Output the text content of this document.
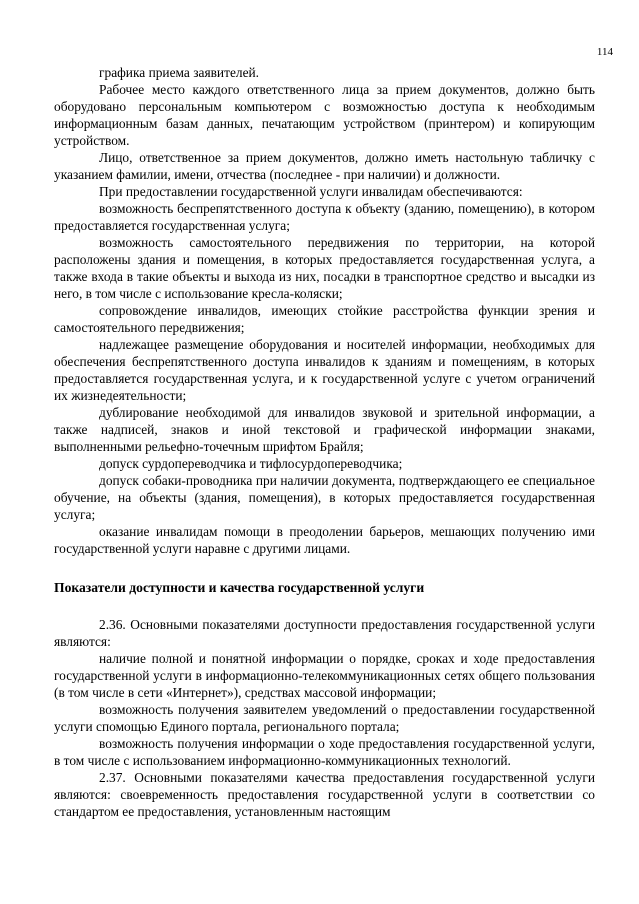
114

графика приема заявителей.

Рабочее место каждого ответственного лица за прием документов, должно быть оборудовано персональным компьютером с возможностью доступа к необходимым информационным базам данных, печатающим устройством (принтером) и копирующим устройством.

Лицо, ответственное за прием документов, должно иметь настольную табличку с указанием фамилии, имени, отчества (последнее - при наличии) и должности.

При предоставлении государственной услуги инвалидам обеспечиваются:

возможность беспрепятственного доступа к объекту (зданию, помещению), в котором предоставляется государственная услуга;

возможность самостоятельного передвижения по территории, на которой расположены здания и помещения, в которых предоставляется государственная услуга, а также входа в такие объекты и выхода из них, посадки в транспортное средство и высадки из него, в том числе с использование кресла-коляски;

сопровождение инвалидов, имеющих стойкие расстройства функции зрения и самостоятельного передвижения;

надлежащее размещение оборудования и носителей информации, необходимых для обеспечения беспрепятственного доступа инвалидов к зданиям и помещениям, в которых предоставляется государственная услуга, и к государственной услуге с учетом ограничений их жизнедеятельности;

дублирование необходимой для инвалидов звуковой и зрительной информации, а также надписей, знаков и иной текстовой и графической информации знаками, выполненными рельефно-точечным шрифтом Брайля;

допуск сурдопереводчика и тифлосурдопереводчика;

допуск собаки-проводника при наличии документа, подтверждающего ее специальное обучение, на объекты (здания, помещения), в которых предоставляется государственная услуга;

оказание инвалидам помощи в преодолении барьеров, мешающих получению ими государственной услуги наравне с другими лицами.

Показатели доступности и качества государственной услуги

2.36. Основными показателями доступности предоставления государственной услуги являются:

наличие полной и понятной информации о порядке, сроках и ходе предоставления государственной услуги в информационно-телекоммуникационных сетях общего пользования (в том числе в сети «Интернет»), средствах массовой информации;

возможность получения заявителем уведомлений о предоставлении государственной услуги спомощью Единого портала, регионального портала;

возможность получения информации о ходе предоставления государственной услуги, в том числе с использованием информационно-коммуникационных технологий.

2.37. Основными показателями качества предоставления государственной услуги являются: своевременность предоставления государственной услуги в соответствии со стандартом ее предоставления, установленным настоящим
